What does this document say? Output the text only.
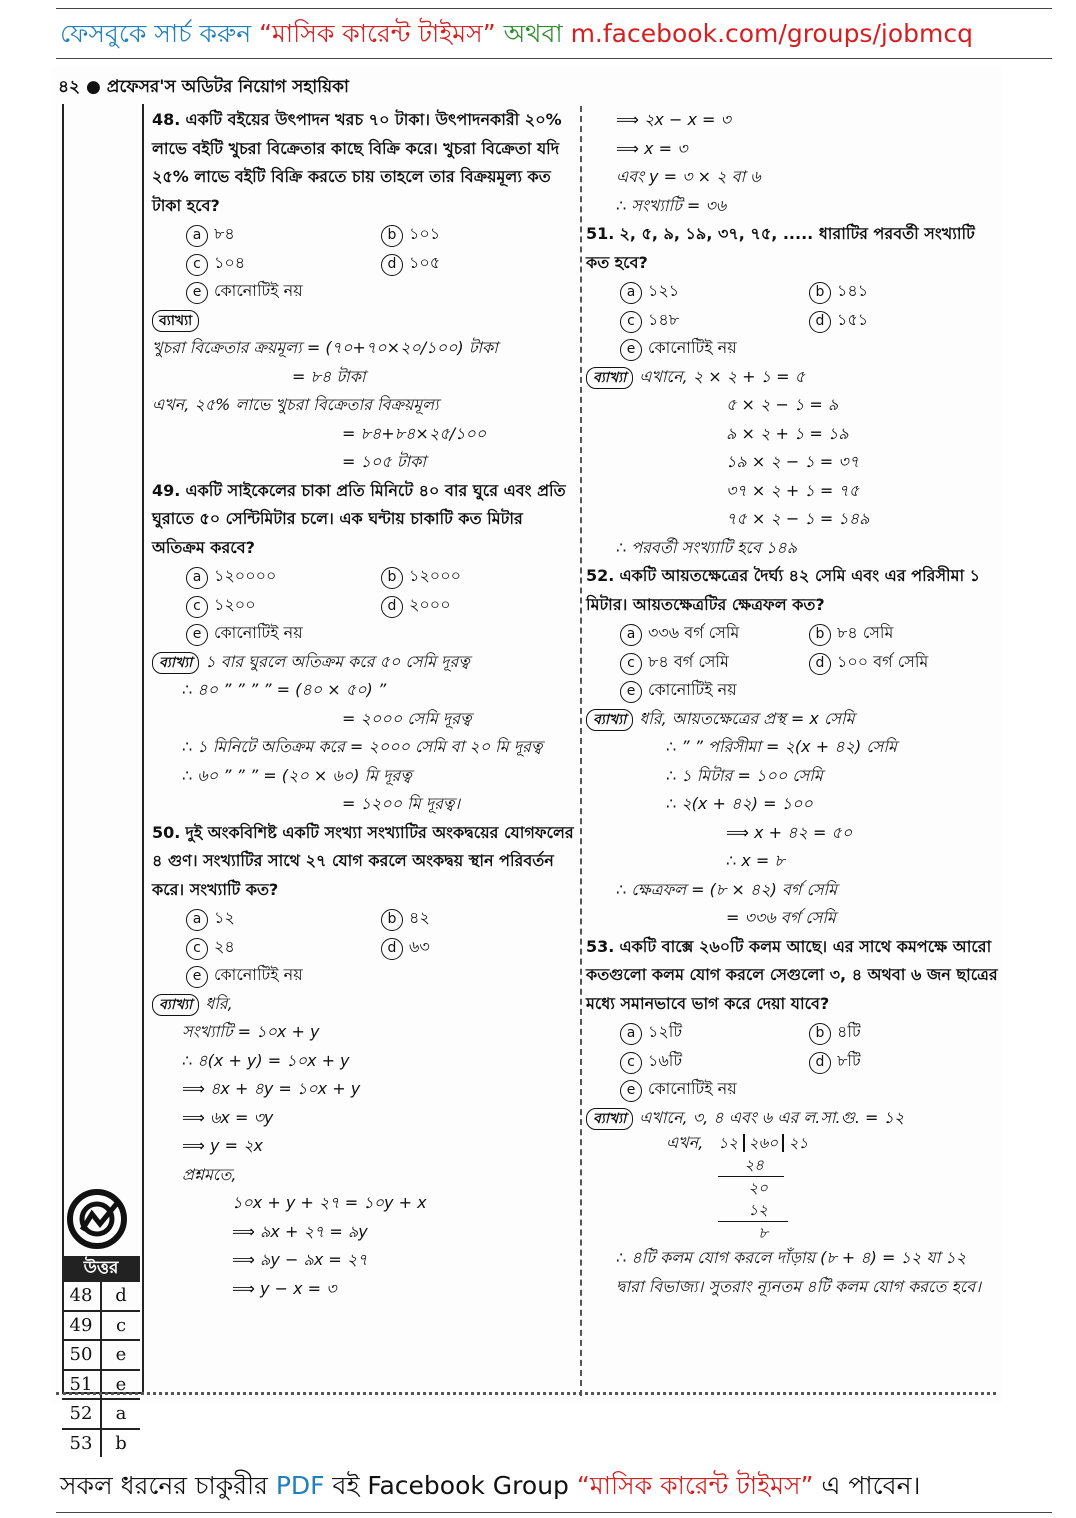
ফেসবুকে সার্চ করুন “মাসিক কারেন্ট টাইমস” অথবা m.facebook.com/groups/jobmcq
৪২ ● প্রফেসর'স অডিটর নিয়োগ সহায়িকা
48. একটি বইয়ের উৎপাদন খরচ ৭০ টাকা। উৎপাদনকারী ২০% লাভে বইটি খুচরা বিক্রেতার কাছে বিক্রি করে। খুচরা বিক্রেতা যদি ২৫% লাভে বইটি বিক্রি করতে চায় তাহলে তার বিক্রয়মূল্য কত টাকা হবে?
a ৮৪	b ১০১
c ১০৪	d ১০৫
e কোনোটিই নয়
ব্যাখ্যা
খুচরা বিক্রেতার ক্রয়মূল্য = (৭০+৭০×২০/১০০) টাকা
= ৮৪ টাকা
এখন, ২৫% লাভে খুচরা বিক্রেতার বিক্রয়মূল্য
= ৮৪+৮৪×২৫/১০০
= ১০৫ টাকা
49. একটি সাইকেলের চাকা প্রতি মিনিটে ৪০ বার ঘুরে এবং প্রতি ঘুরাতে ৫০ সেন্টিমিটার চলে। এক ঘন্টায় চাকাটি কত মিটার অতিক্রম করবে?
a ১২০০০০	b ১২০০০
c ১২০০	d ২০০০
e কোনোটিই নয়
ব্যাখ্যা ১ বার ঘুরলে অতিক্রম করে ৫০ সেমি দূরত্ব
∴ ৪০ ” ” ” ” = (৪০ × ৫০) ”
= ২০০০ সেমি দূরত্ব
∴ ১ মিনিটে অতিক্রম করে = ২০০০ সেমি বা ২০ মি দূরত্ব
∴ ৬০ ” ” ” = (২০ × ৬০) মি দূরত্ব
= ১২০০ মি দূরত্ব।
50. দুই অংকবিশিষ্ট একটি সংখ্যা সংখ্যাটির অংকদ্বয়ের যোগফলের ৪ গুণ। সংখ্যাটির সাথে ২৭ যোগ করলে অংকদ্বয় স্থান পরিবর্তন করে। সংখ্যাটি কত?
a ১২	b ৪২
c ২৪	d ৬৩
e কোনোটিই নয়
ব্যাখ্যা ধরি,
সংখ্যাটি = ১০x + y
∴ ৪(x + y) = ১০x + y
⟹ ৪x + ৪y = ১০x + y
⟹ ৬x = ৩y
⟹ y = ২x
প্রশ্নমতে,
১০x + y + ২৭ = ১০y + x
⟹ ৯x + ২৭ = ৯y
⟹ ৯y − ৯x = ২৭
⟹ y − x = ৩
⟹ ২x − x = ৩
⟹ x = ৩
এবং y = ৩ × ২ বা ৬
∴ সংখ্যাটি = ৩৬
51. ২, ৫, ৯, ১৯, ৩৭, ৭৫, ..... ধারাটির পরবর্তী সংখ্যাটি কত হবে?
a ১২১	b ১৪১
c ১৪৮	d ১৫১
e কোনোটিই নয়
ব্যাখ্যা এখানে, ২ × ২ + ১ = ৫
৫ × ২ − ১ = ৯
৯ × ২ + ১ = ১৯
১৯ × ২ − ১ = ৩৭
৩৭ × ২ + ১ = ৭৫
৭৫ × ২ − ১ = ১৪৯
∴ পরবর্তী সংখ্যাটি হবে ১৪৯
52. একটি আয়তক্ষেত্রের দৈর্ঘ্য ৪২ সেমি এবং এর পরিসীমা ১ মিটার। আয়তক্ষেত্রটির ক্ষেত্রফল কত?
a ৩৩৬ বর্গ সেমি	b ৮৪ সেমি
c ৮৪ বর্গ সেমি	d ১০০ বর্গ সেমি
e কোনোটিই নয়
ব্যাখ্যা ধরি, আয়তক্ষেত্রের প্রস্থ = x সেমি
∴ ” ” পরিসীমা = ২(x + ৪২) সেমি
∴ ১ মিটার = ১০০ সেমি
∴ ২(x + ৪২) = ১০০
⟹ x + ৪২ = ৫০
∴ x = ৮
∴ ক্ষেত্রফল = (৮ × ৪২) বর্গ সেমি
= ৩৩৬ বর্গ সেমি
53. একটি বাক্সে ২৬০টি কলম আছে। এর সাথে কমপক্ষে আরো কতগুলো কলম যোগ করলে সেগুলো ৩, ৪ অথবা ৬ জন ছাত্রের মধ্যে সমানভাবে ভাগ করে দেয়া যাবে?
a ১২টি	b ৪টি
c ১৬টি	d ৮টি
e কোনোটিই নয়
ব্যাখ্যা এখানে, ৩, ৪ এবং ৬ এর ল.সা.গু. = ১২
এখন, ১২ ২৬০ ২১
২৪
২০
১২
৮
∴ ৪টি কলম যোগ করলে দাঁড়ায় (৮ + ৪) = ১২ যা ১২
দ্বারা বিভাজ্য। সুতরাং ন্যূনতম ৪টি কলম যোগ করতে হবে।
উত্তর
48	d
49	c
50	e
51	e
52	a
53	b
সকল ধরনের চাকুরীর PDF বই Facebook Group “মাসিক কারেন্ট টাইমস” এ পাবেন।
